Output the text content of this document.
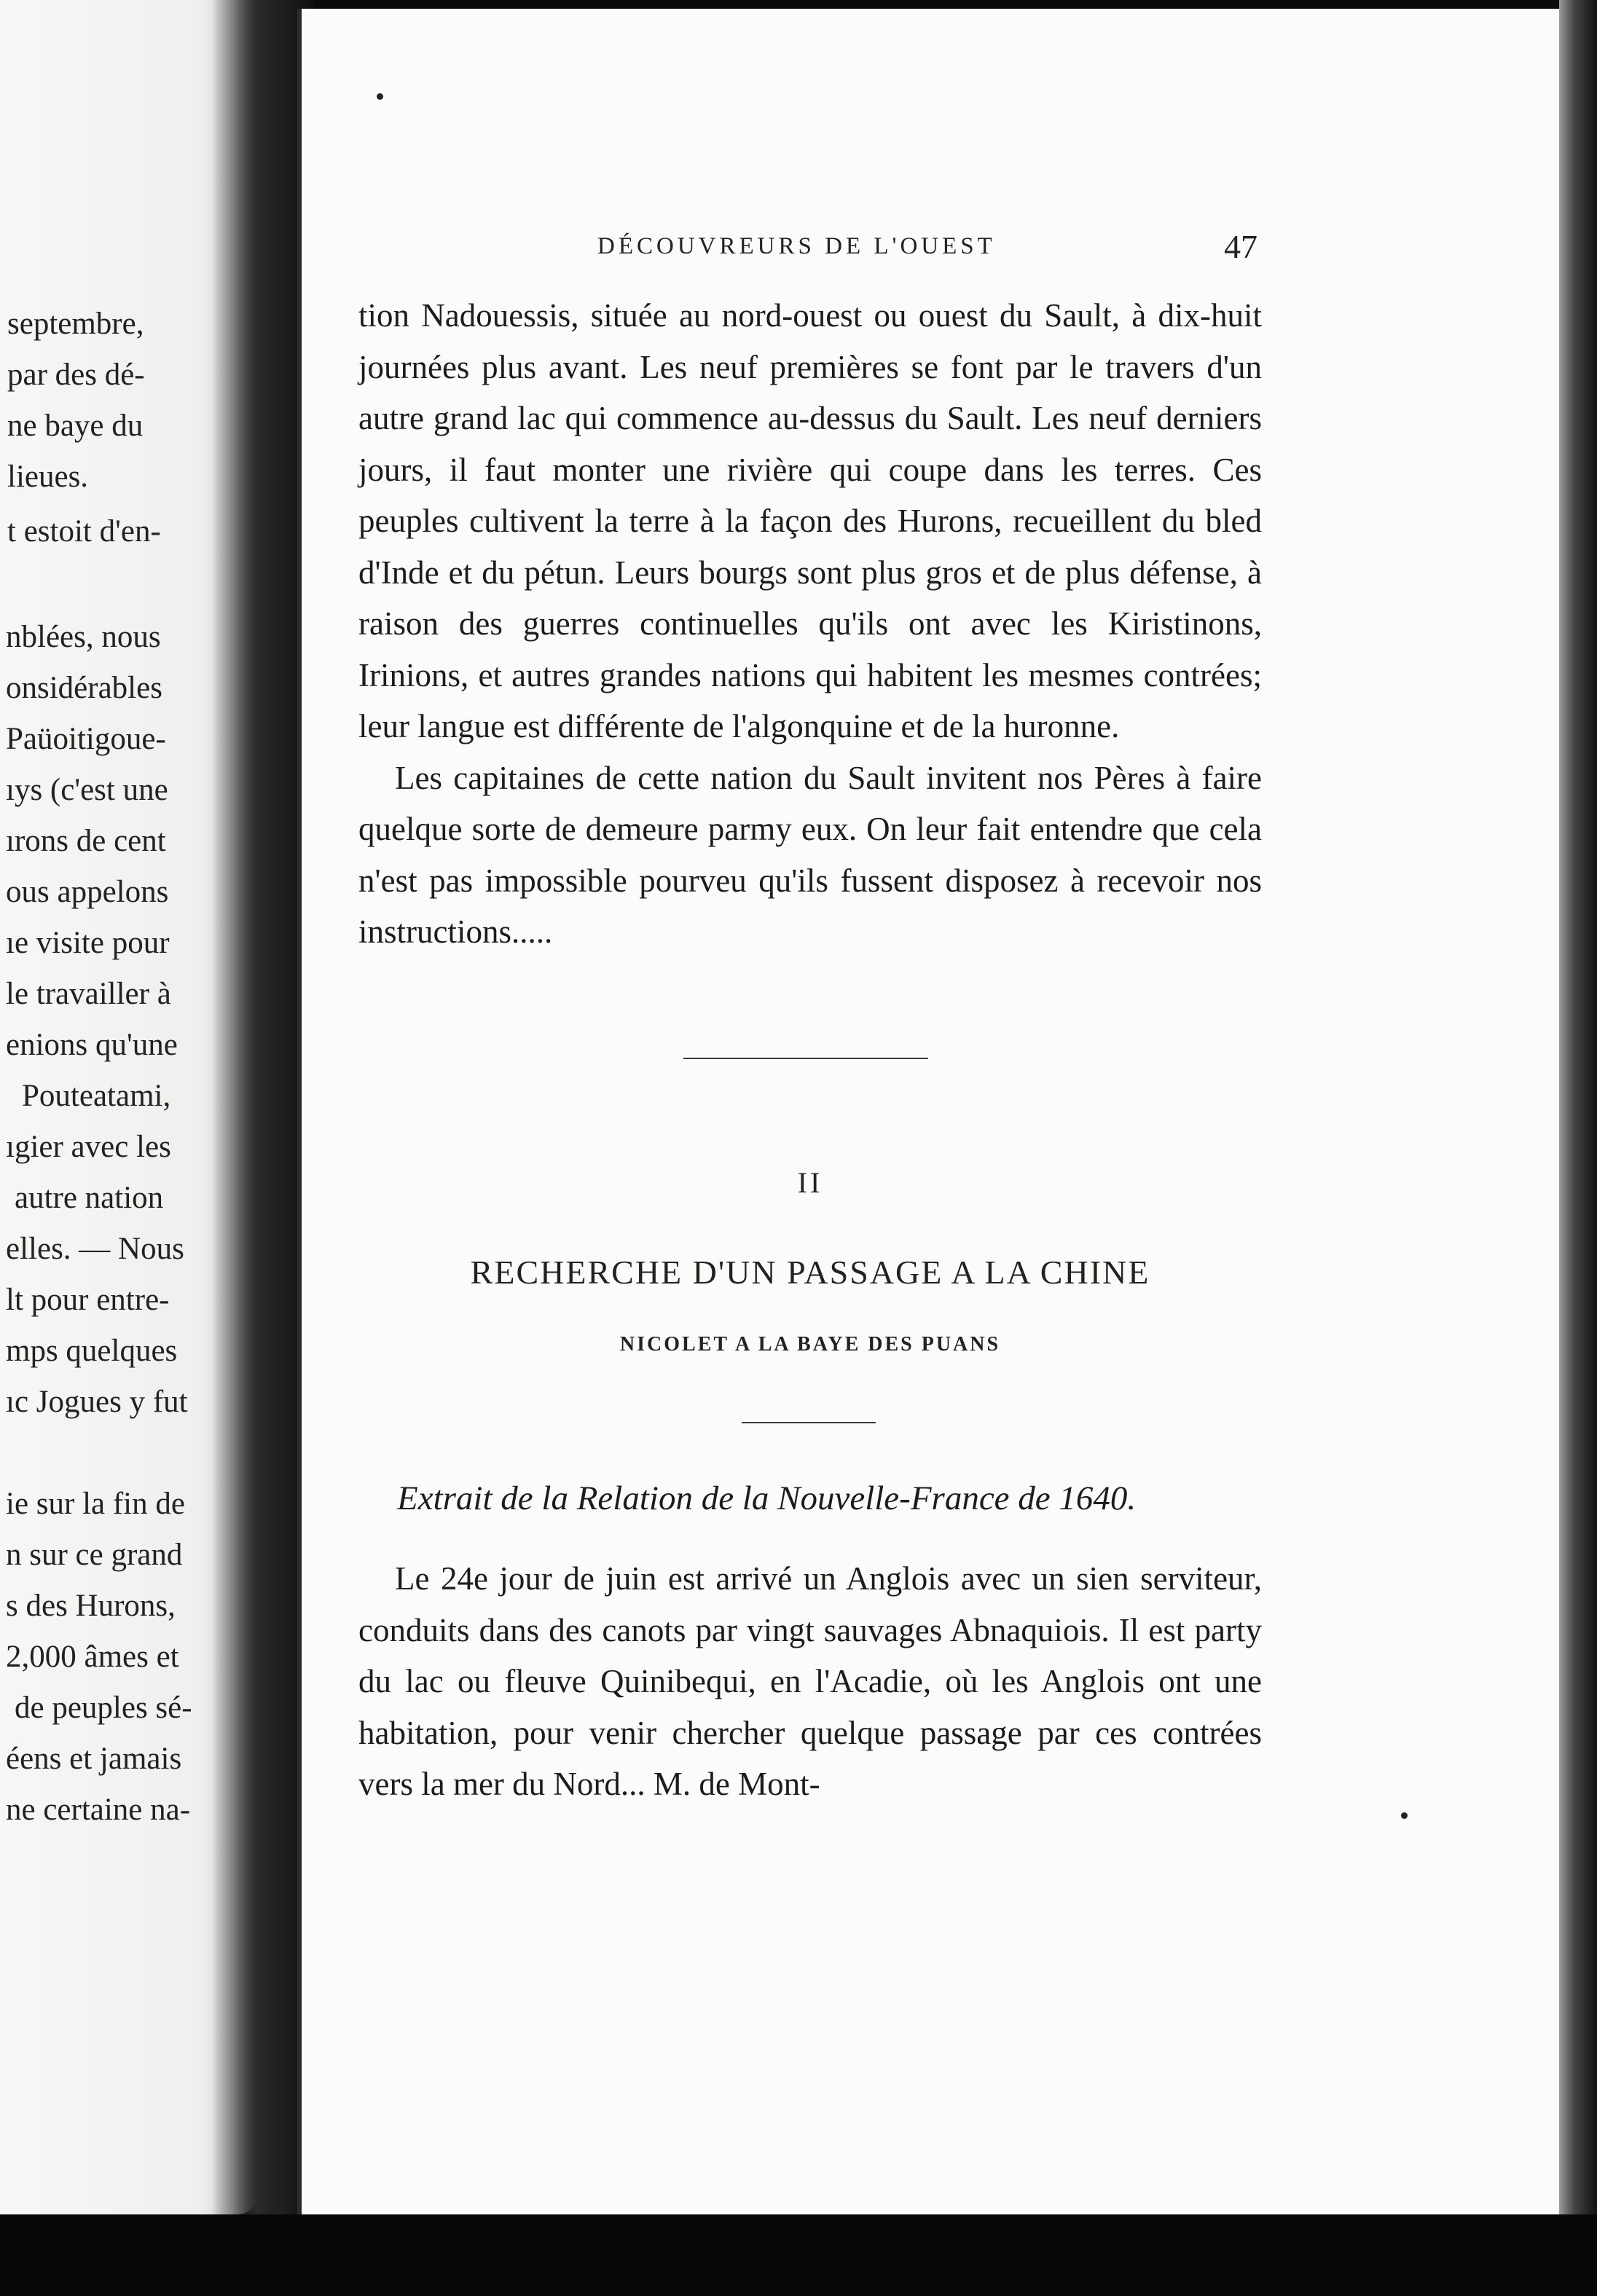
septembre,
par des dé-
ne baye du
lieues.
t estoit d'en-
nblées, nous
onsidérables
Paüoitigoue-
ıys (c'est une
ırons de cent
ous appelons
ıe visite pour
le travailler à
enions qu'une
Pouteatami,
ıgier avec les
autre nation
elles. — Nous
lt pour entre-
mps quelques
ıc Jogues y fut
ie sur la fin de
n sur ce grand
s des Hurons,
2,000 âmes et
de peuples sé-
éens et jamais
ne certaine na-
DÉCOUVREURS DE L'OUEST	47

tion Nadouessis, située au nord-ouest ou ouest du Sault, à dix-huit journées plus avant. Les neuf premières se font par le travers d'un autre grand lac qui commence au-dessus du Sault. Les neuf derniers jours, il faut monter une rivière qui coupe dans les terres. Ces peuples cultivent la terre à la façon des Hurons, recueillent du bled d'Inde et du pétun. Leurs bourgs sont plus gros et de plus défense, à raison des guerres continuelles qu'ils ont avec les Kiristinons, Irinions, et autres grandes nations qui habitent les mesmes contrées; leur langue est différente de l'algonquine et de la huronne.

Les capitaines de cette nation du Sault invitent nos Pères à faire quelque sorte de demeure parmy eux. On leur fait entendre que cela n'est pas impossible pourveu qu'ils fussent disposez à recevoir nos instructions.....

II
RECHERCHE D'UN PASSAGE A LA CHINE
NICOLET A LA BAYE DES PUANS
Extrait de la Relation de la Nouvelle-France de 1640.

Le 24e jour de juin est arrivé un Anglois avec un sien serviteur, conduits dans des canots par vingt sauvages Abnaquiois. Il est party du lac ou fleuve Quinibequi, en l'Acadie, où les Anglois ont une habitation, pour venir chercher quelque passage par ces contrées vers la mer du Nord... M. de Mont-
